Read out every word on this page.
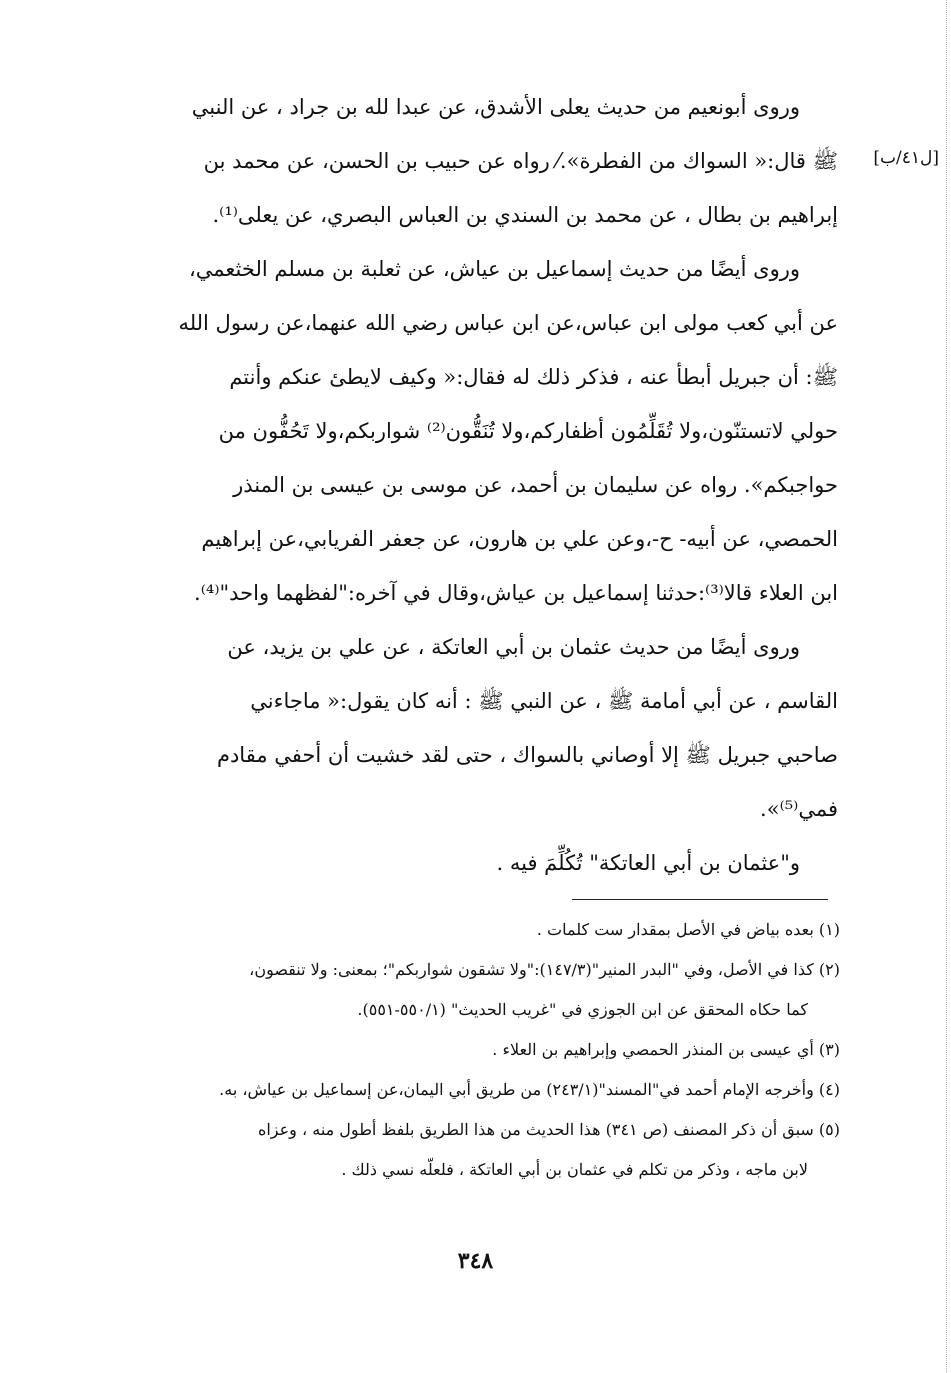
[ل٤١/ب]
وروى أبونعيم من حديث يعلى الأشدق، عن عبدا لله بن جراد ، عن النبي
ﷺ قال:« السواك من الفطرة».⁄ رواه عن حبيب بن الحسن، عن محمد بن
إبراهيم بن بطال ، عن محمد بن السندي بن العباس البصري، عن يعلى⁽¹⁾.
وروى أيضًا من حديث إسماعيل بن عياش، عن ثعلبة بن مسلم الخثعمي،
عن أبي كعب مولى ابن عباس،عن ابن عباس رضي الله عنهما،عن رسول الله
ﷺ: أن جبريل أبطأ عنه ، فذكر ذلك له فقال:« وكيف لايطئ عنكم وأنتم
حولي لاتستنّون،ولا تُقَلِّمُون أظفاركم،ولا تُنَقُّون⁽²⁾ شواربكم،ولا تَحُفُّون من
حواجبكم». رواه عن سليمان بن أحمد، عن موسى بن عيسى بن المنذر
الحمصي، عن أبيه- ح-،وعن علي بن هارون، عن جعفر الفريابي،عن إبراهيم
ابن العلاء قالا⁽³⁾:حدثنا إسماعيل بن عياش،وقال في آخره:"لفظهما واحد"⁽⁴⁾.
وروى أيضًا من حديث عثمان بن أبي العاتكة ، عن علي بن يزيد، عن
القاسم ، عن أبي أمامة ﷺ ، عن النبي ﷺ : أنه كان يقول:« ماجاءني
صاحبي جبريل ﷺ إلا أوصاني بالسواك ، حتى لقد خشيت أن أحفي مقادم
فمي⁽⁵⁾».
و"عثمان بن أبي العاتكة" تُكُلِّمَ فيه .
(١) بعده بياض في الأصل بمقدار ست كلمات .
(٢) كذا في الأصل، وفي "البدر المنير"(١٤٧/٣):"ولا تشقون شواربكم"؛ بمعنى: ولا تنقصون،
كما حكاه المحقق عن ابن الجوزي في "غريب الحديث" (٥٥٠/١-٥٥١).
(٣) أي عيسى بن المنذر الحمصي وإبراهيم بن العلاء .
(٤) وأخرجه الإمام أحمد في"المسند"(٢٤٣/١) من طريق أبي اليمان،عن إسماعيل بن عياش، به.
(٥) سبق أن ذكر المصنف (ص ٣٤١) هذا الحديث من هذا الطريق بلفظ أطول منه ، وعزاه
لابن ماجه ، وذكر من تكلم في عثمان بن أبي العاتكة ، فلعلّه نسي ذلك .
٣٤٨
